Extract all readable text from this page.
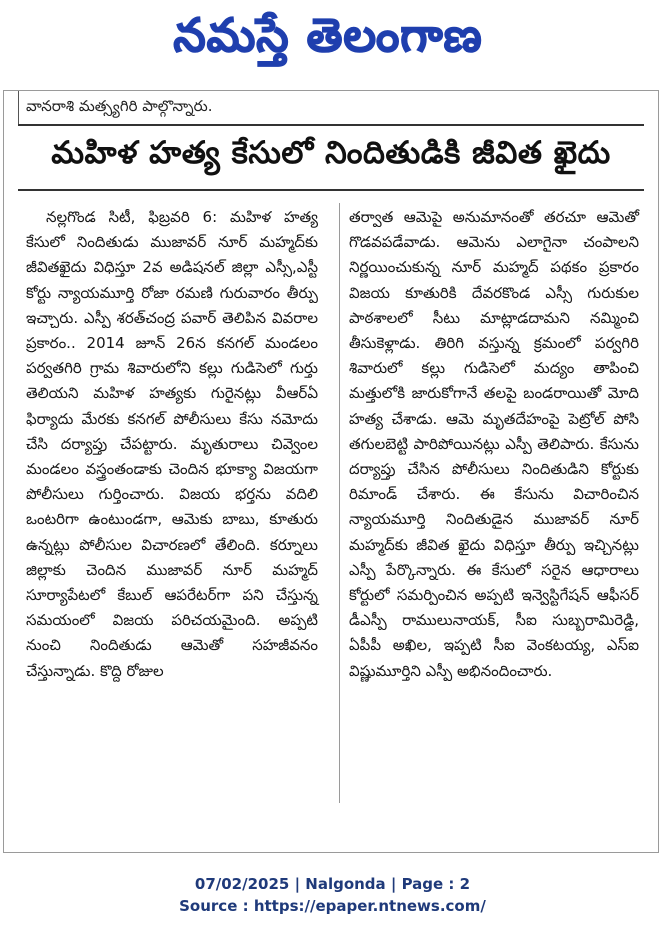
నమస్తే తెలంగాణ
వానరాశి మత్స్యగిరి పాల్గొన్నారు.
మహిళ హత్య కేసులో నిందితుడికి జీవిత ఖైదు
నల్లగొండ సిటీ, ఫిబ్రవరి 6: మహిళ హత్య కేసులో నిందితుడు ముజావర్ నూర్ మహ్మద్‌కు జీవితఖైదు విధిస్తూ 2వ అడిషనల్ జిల్లా ఎస్సీ,ఎస్టీ కోర్టు న్యాయమూర్తి రోజా రమణి గురువారం తీర్పు ఇచ్చారు. ఎస్పీ శరత్‌చంద్ర పవార్ తెలిపిన వివరాల ప్రకారం.. 2014 జూన్ 26న కనగల్ మండలం పర్వతగిరి గ్రామ శివారులోని కల్లు గుడిసెలో గుర్తు తెలియని మహిళ హత్యకు గురైనట్లు వీఆర్‌ఏ ఫిర్యాదు మేరకు కనగల్ పోలీసులు కేసు నమోదు చేసి దర్యాప్తు చేపట్టారు. మృతురాలు చివ్వెంల మండలం వస్త్రంతండాకు చెందిన భూక్యా విజయగా పోలీసులు గుర్తించారు. విజయ భర్తను వదిలి ఒంటరిగా ఉంటుండగా, ఆమెకు బాబు, కూతురు ఉన్నట్లు పోలీసుల విచారణలో తేలింది. కర్నూలు జిల్లాకు చెందిన ముజావర్ నూర్ మహ్మద్ సూర్యాపేటలో కేబుల్ ఆపరేటర్‌గా పని చేస్తున్న సమయంలో విజయ పరిచయమైంది. అప్పటి నుంచి నిందితుడు ఆమెతో సహజీవనం చేస్తున్నాడు. కొద్ది రోజుల
తర్వాత ఆమెపై అనుమానంతో తరచూ ఆమెతో గొడవపడేవాడు. ఆమెను ఎలాగైనా చంపాలని నిర్ణయించుకున్న నూర్ మహ్మద్ పథకం ప్రకారం విజయ కూతురికి దేవరకొండ ఎస్సీ గురుకుల పాఠశాలలో సీటు మాట్లాడదామని నమ్మించి తీసుకెళ్లాడు. తిరిగి వస్తున్న క్రమంలో పర్వగిరి శివారులో కల్లు గుడిసెలో మద్యం తాపించి మత్తులోకి జారుకోగానే తలపై బండరాయితో మోది హత్య చేశాడు. ఆమె మృతదేహంపై పెట్రోల్ పోసి తగులబెట్టి పారిపోయినట్లు ఎస్పీ తెలిపారు. కేసును దర్యాప్తు చేసిన పోలీసులు నిందితుడిని కోర్టుకు రిమాండ్ చేశారు. ఈ కేసును విచారించిన న్యాయమూర్తి నిందితుడైన ముజావర్ నూర్ మహ్మద్‌కు జీవిత ఖైదు విధిస్తూ తీర్పు ఇచ్చినట్లు ఎస్పీ పేర్కొన్నారు. ఈ కేసులో సరైన ఆధారాలు కోర్టులో సమర్పించిన అప్పటి ఇన్వెస్టిగేషన్ ఆఫీసర్ డీఎస్పీ రాములునాయక్, సీఐ సుబ్బరామిరెడ్డి, ఏపీపీ అఖిల, ఇప్పటి సీఐ వెంకటయ్య, ఎస్ఐ విష్ణుమూర్తిని ఎస్పీ అభినందించారు.
07/02/2025 | Nalgonda | Page : 2
Source : https://epaper.ntnews.com/
